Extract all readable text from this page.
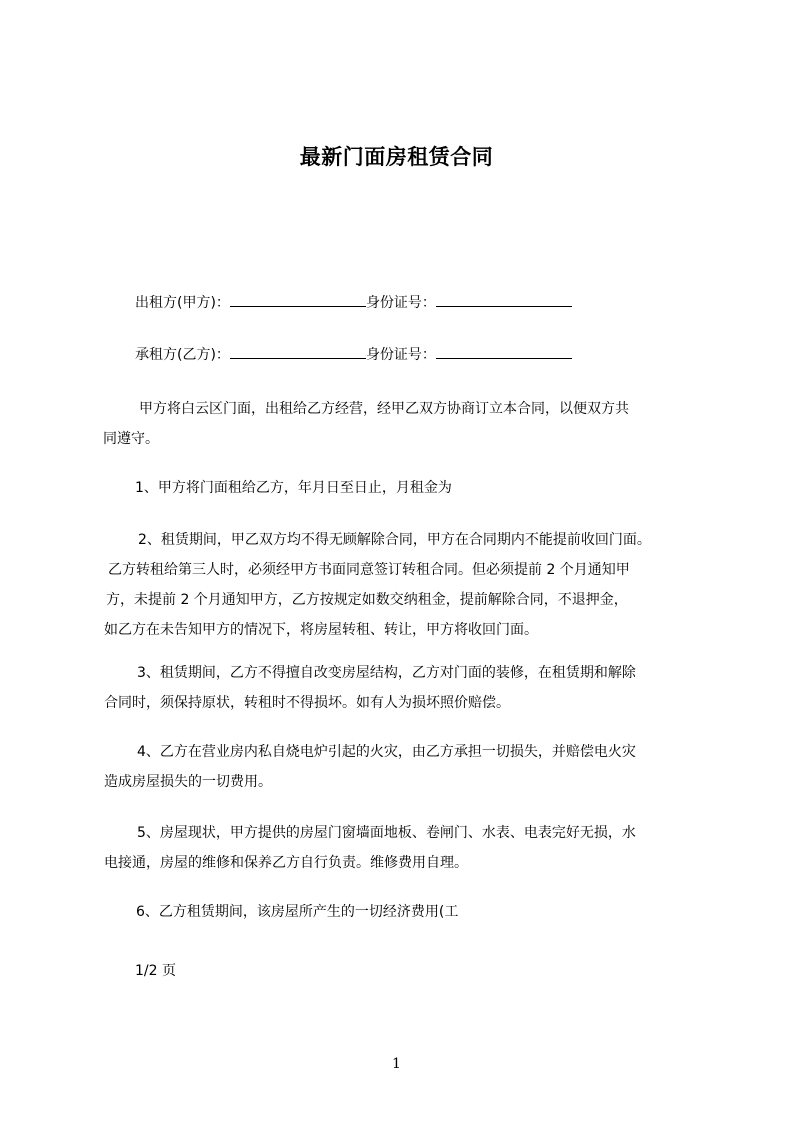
最新门面房租赁合同
出租方(甲方)：	身份证号：
承租方(乙方)：	身份证号：
甲方将白云区门面，出租给乙方经营，经甲乙双方协商订立本合同，以便双方共
同遵守。
1、甲方将门面租给乙方，年月日至日止，月租金为
2、租赁期间，甲乙双方均不得无顾解除合同，甲方在合同期内不能提前收回门面。
乙方转租给第三人时，必须经甲方书面同意签订转租合同。但必须提前 2 个月通知甲
方，未提前 2 个月通知甲方，乙方按规定如数交纳租金，提前解除合同，不退押金，
如乙方在未告知甲方的情况下，将房屋转租、转让，甲方将收回门面。
3、租赁期间，乙方不得擅自改变房屋结构，乙方对门面的装修，在租赁期和解除
合同时，须保持原状，转租时不得损坏。如有人为损坏照价赔偿。
4、乙方在营业房内私自烧电炉引起的火灾，由乙方承担一切损失，并赔偿电火灾
造成房屋损失的一切费用。
5、房屋现状，甲方提供的房屋门窗墙面地板、卷闸门、水表、电表完好无损，水
电接通，房屋的维修和保养乙方自行负责。维修费用自理。
6、乙方租赁期间，该房屋所产生的一切经济费用(工
1/2 页
1
